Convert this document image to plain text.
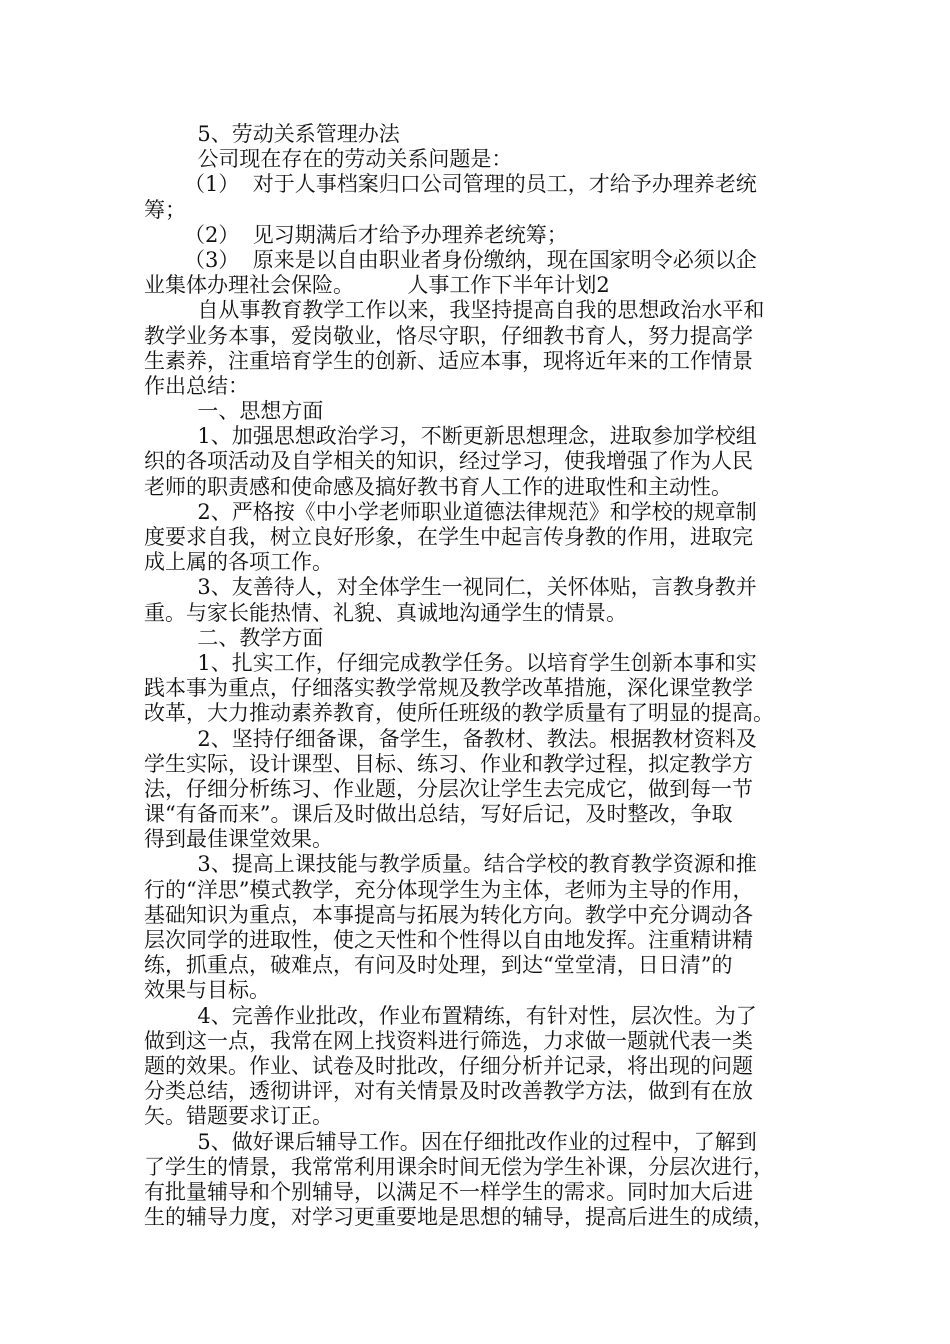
5、劳动关系管理办法
公司现在存在的劳动关系问题是：
（1）  对于人事档案归口公司管理的员工，才给予办理养老统
筹；
（2）  见习期满后才给予办理养老统筹；
（3）  原来是以自由职业者身份缴纳，现在国家明令必须以企
业集体办理社会保险。        人事工作下半年计划2
自从事教育教学工作以来，我坚持提高自我的思想政治水平和
教学业务本事，爱岗敬业，恪尽守职，仔细教书育人，努力提高学
生素养，注重培育学生的创新、适应本事，现将近年来的工作情景
作出总结：
一、思想方面
1、加强思想政治学习，不断更新思想理念，进取参加学校组
织的各项活动及自学相关的知识，经过学习，使我增强了作为人民
老师的职责感和使命感及搞好教书育人工作的进取性和主动性。
2、严格按《中小学老师职业道德法律规范》和学校的规章制
度要求自我，树立良好形象，在学生中起言传身教的作用，进取完
成上属的各项工作。
3、友善待人，对全体学生一视同仁，关怀体贴，言教身教并
重。与家长能热情、礼貌、真诚地沟通学生的情景。
二、教学方面
1、扎实工作，仔细完成教学任务。以培育学生创新本事和实
践本事为重点，仔细落实教学常规及教学改革措施，深化课堂教学
改革，大力推动素养教育，使所任班级的教学质量有了明显的提高。
2、坚持仔细备课，备学生，备教材、教法。根据教材资料及
学生实际，设计课型、目标、练习、作业和教学过程，拟定教学方
法，仔细分析练习、作业题，分层次让学生去完成它，做到每一节
课“有备而来”。课后及时做出总结，写好后记，及时整改，争取
得到最佳课堂效果。
3、提高上课技能与教学质量。结合学校的教育教学资源和推
行的“洋思”模式教学，充分体现学生为主体，老师为主导的作用，
基础知识为重点，本事提高与拓展为转化方向。教学中充分调动各
层次同学的进取性，使之天性和个性得以自由地发挥。注重精讲精
练，抓重点，破难点，有问及时处理，到达“堂堂清，日日清”的
效果与目标。
4、完善作业批改，作业布置精练，有针对性，层次性。为了
做到这一点，我常在网上找资料进行筛选，力求做一题就代表一类
题的效果。作业、试卷及时批改，仔细分析并记录，将出现的问题
分类总结，透彻讲评，对有关情景及时改善教学方法，做到有在放
矢。错题要求订正。
5、做好课后辅导工作。因在仔细批改作业的过程中，了解到
了学生的情景，我常常利用课余时间无偿为学生补课，分层次进行，
有批量辅导和个别辅导，以满足不一样学生的需求。同时加大后进
生的辅导力度，对学习更重要地是思想的辅导，提高后进生的成绩，
